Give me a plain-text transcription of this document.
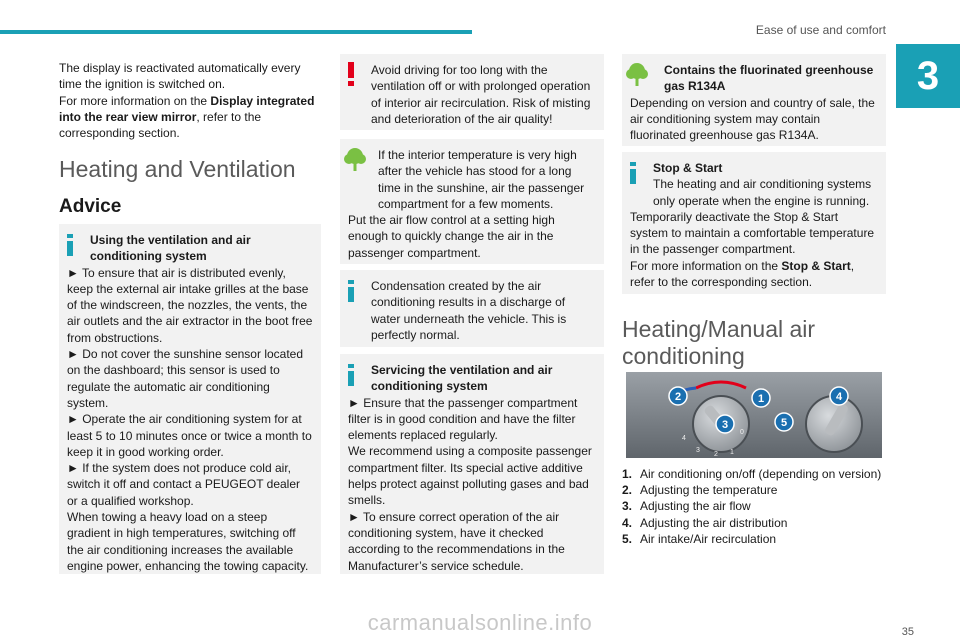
Ease of use and comfort
3

The display is reactivated automatically every time the ignition is switched on.
For more information on the Display integrated into the rear view mirror, refer to the corresponding section.

Heating and Ventilation
Advice

Using the ventilation and air conditioning system

► To ensure that air is distributed evenly, keep the external air intake grilles at the base of the windscreen, the nozzles, the vents, the air outlets and the air extractor in the boot free from obstructions.

► Do not cover the sunshine sensor located on the dashboard; this sensor is used to regulate the automatic air conditioning system.

► Operate the air conditioning system for at least 5 to 10 minutes once or twice a month to keep it in good working order.

► If the system does not produce cold air, switch it off and contact a PEUGEOT dealer or a qualified workshop.

When towing a heavy load on a steep gradient in high temperatures, switching off the air conditioning increases the available engine power, enhancing the towing capacity.

Avoid driving for too long with the ventilation off or with prolonged operation of interior air recirculation. Risk of misting and deterioration of the air quality!

If the interior temperature is very high after the vehicle has stood for a long time in the sunshine, air the passenger compartment for a few moments.

Put the air flow control at a setting high enough to quickly change the air in the passenger compartment.

Condensation created by the air conditioning results in a discharge of water underneath the vehicle. This is perfectly normal.

Servicing the ventilation and air conditioning system

► Ensure that the passenger compartment filter is in good condition and have the filter elements replaced regularly.

We recommend using a composite passenger compartment filter. Its special active additive helps protect against polluting gases and bad smells.

► To ensure correct operation of the air conditioning system, have it checked according to the recommendations in the Manufacturer’s service schedule.

Contains the fluorinated greenhouse gas R134A

Depending on version and country of sale, the air conditioning system may contain fluorinated greenhouse gas R134A.

Stop & Start

The heating and air conditioning systems only operate when the engine is running.

Temporarily deactivate the Stop & Start system to maintain a comfortable temperature in the passenger compartment.

For more information on the Stop & Start, refer to the corresponding section.

Heating/Manual air conditioning
4
3
2 1
0
1
2
3
4
5
1. Air conditioning on/off (depending on version)
2. Adjusting the temperature
3. Adjusting the air flow
4. Adjusting the air distribution
5. Air intake/Air recirculation
carmanualsonline.info	35
